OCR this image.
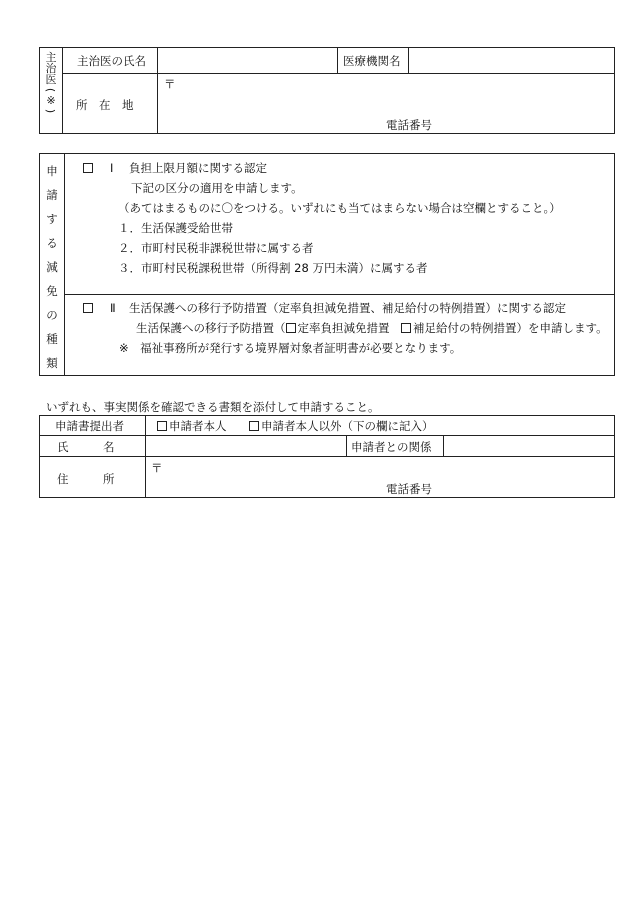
主
治
医
(
※
)
主治医の氏名	医療機関名
所　在　地
〒
電話番号
申
請
す
る
減
免
の
種
類
Ⅰ 負担上限月額に関する認定
下記の区分の適用を申請します。
（あてはまるものに〇をつける。いずれにも当てはまらない場合は空欄とすること。）
１．生活保護受給世帯
２．市町村民税非課税世帯に属する者
３．市町村民税課税世帯（所得割 28 万円未満）に属する者
Ⅱ 生活保護への移行予防措置（定率負担減免措置、補足給付の特例措置）に関する認定
生活保護への移行予防措置（ 定率負担減免措置　 補足給付の特例措置）を申請します。
※　福祉事務所が発行する境界層対象者証明書が必要となります。
いずれも、事実関係を確認できる書類を添付して申請すること。
申請書提出者	申請者本人	申請者本人以外（下の欄に記入）
氏　　　名	申請者との関係
住　　　所
〒
電話番号
